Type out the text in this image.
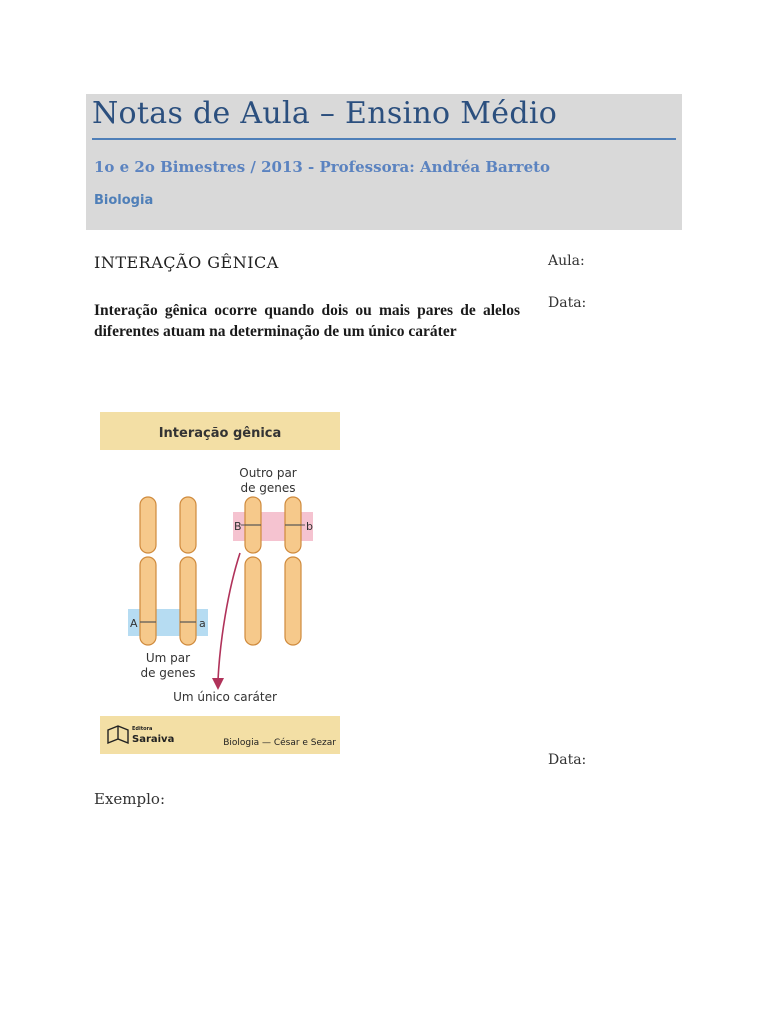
Notas de Aula – Ensino Médio
1o e 2o Bimestres / 2013 - Professora: Andréa Barreto
Biologia
INTERAÇÃO GÊNICA	Aula:
Data:
Data:
Interação gênica ocorre quando dois ou mais pares de alelos diferentes atuam na determinação de um único caráter
Interação gênica
Outro par
de genes
B	b
A	a
Um par
de genes
Um único caráter
Editora
Saraiva	Biologia — César e Sezar
Exemplo:
